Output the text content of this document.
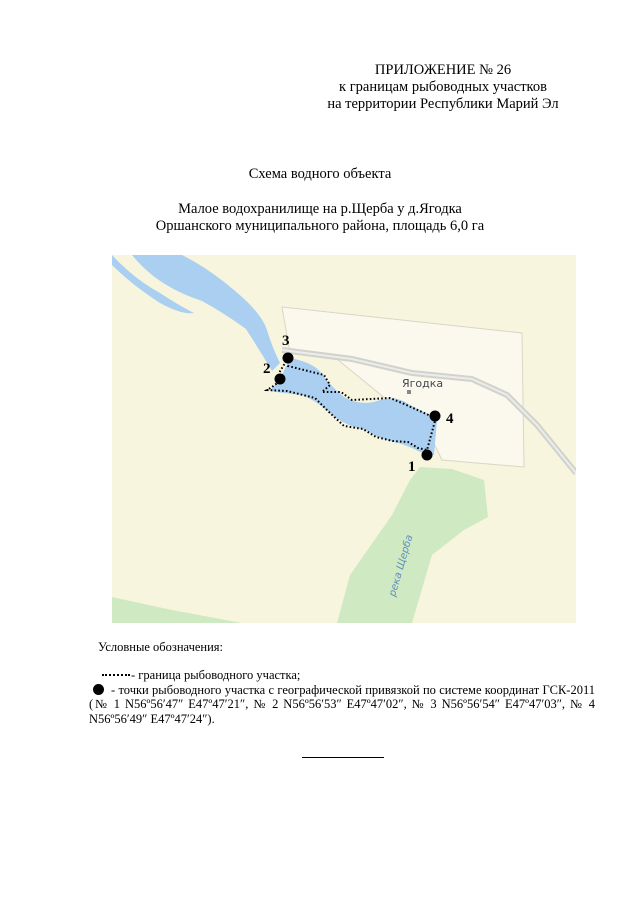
ПРИЛОЖЕНИЕ № 26
к границам рыбоводных участков
на территории Республики Марий Эл
Схема водного объекта
Малое водохранилище на р.Щерба у д.Ягодка
Оршанского муниципального района, площадь 6,0 га
1
2
3
4
Ягодка
река Щерба
Условные обозначения:
- граница рыбоводного участка;
- точки рыбоводного участка с географической привязкой по системе координат ГСК-2011 (№ 1 N56º56′47″ E47º47′21″, № 2 N56º56′53″ E47º47′02″, № 3 N56º56′54″ E47º47′03″, № 4 N56º56′49″ E47º47′24″).
